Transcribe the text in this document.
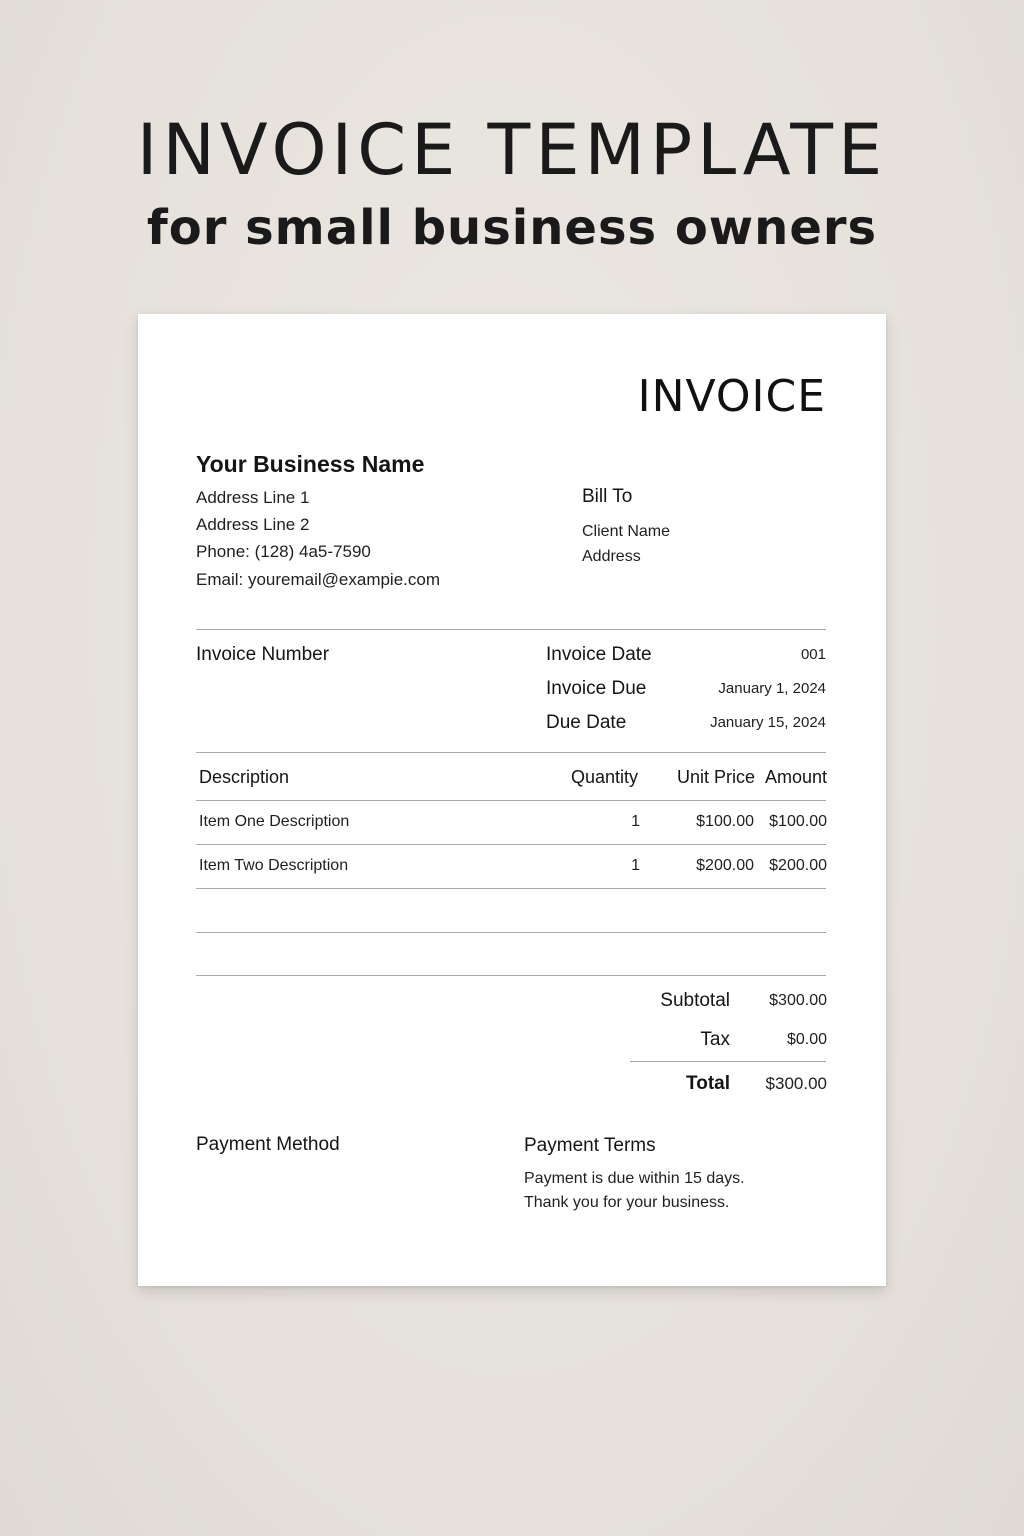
INVOICE TEMPLATE
for small business owners
INVOICE
Your Business Name
Address Line 1
Address Line 2
Phone: (128) 4a5-7590
Email: youremail@exampie.com
Bill To
Client Name
Address
Invoice Number	Invoice Date	001
Invoice Due	January 1, 2024
Due Date	January 15, 2024
Description	Quantity Unit Price Amount
Item One Description	1	$100.00 $100.00
Item Two Description	1	$200.00 $200.00
Subtotal $300.00
Tax	$0.00
Total $300.00
Payment Method	Payment Terms
Payment is due within 15 days.
Thank you for your business.
